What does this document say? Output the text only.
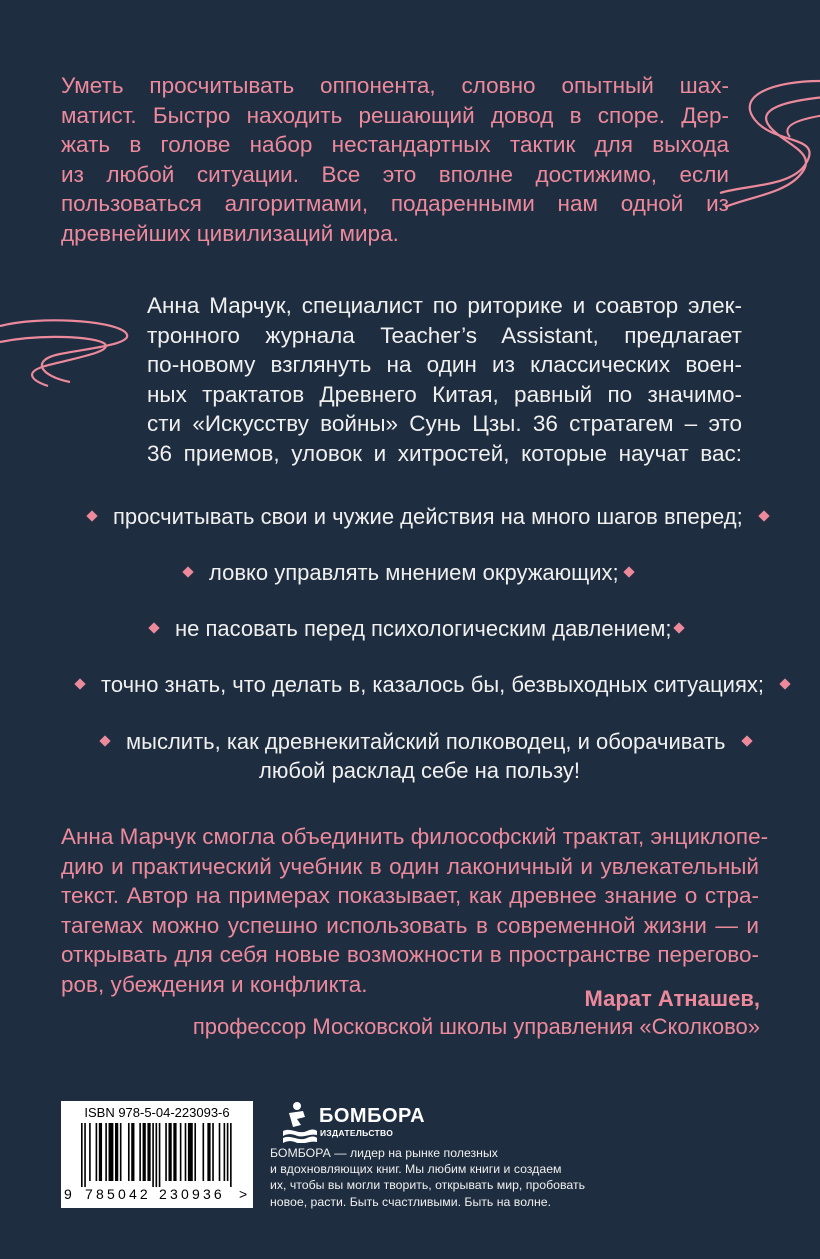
Уметь просчитывать оппонента, словно опытный шах-
матист. Быстро находить решающий довод в споре. Дер-
жать в голове набор нестандартных тактик для выхода
из любой ситуации. Все это вполне достижимо, если
пользоваться алгоритмами, подаренными нам одной из
древнейших цивилизаций мира.
Анна Марчук, специалист по риторике и соавтор элек-
тронного журнала Teacher’s Assistant, предлагает
по-новому взглянуть на один из классических воен-
ных трактатов Древнего Китая, равный по значимо-
сти «Искусству войны» Сунь Цзы. 36 стратагем – это
36 приемов, уловок и хитростей, которые научат вас:
просчитывать свои и чужие действия на много шагов вперед;
ловко управлять мнением окружающих;
не пасовать перед психологическим давлением;
точно знать, что делать в, казалось бы, безвыходных ситуациях;
мыслить, как древнекитайский полководец, и оборачивать
любой расклад себе на пользу!
Анна Марчук смогла объединить философский трактат, энциклопе-
дию и практический учебник в один лаконичный и увлекательный
текст. Автор на примерах показывает, как древнее знание о стра-
тагемах можно успешно использовать в современной жизни — и
открывать для себя новые возможности в пространстве перегово-
ров, убеждения и конфликта.
Марат Атнашев,
профессор Московской школы управления «Сколково»
ISBN 978-5-04-223093-6
9 785042 230936 >
БОМБОРА
ИЗДАТЕЛЬСТВО
БОМБОРА — лидер на рынке полезных
и вдохновляющих книг. Мы любим книги и создаем
их, чтобы вы могли творить, открывать мир, пробовать
новое, расти. Быть счастливыми. Быть на волне.
